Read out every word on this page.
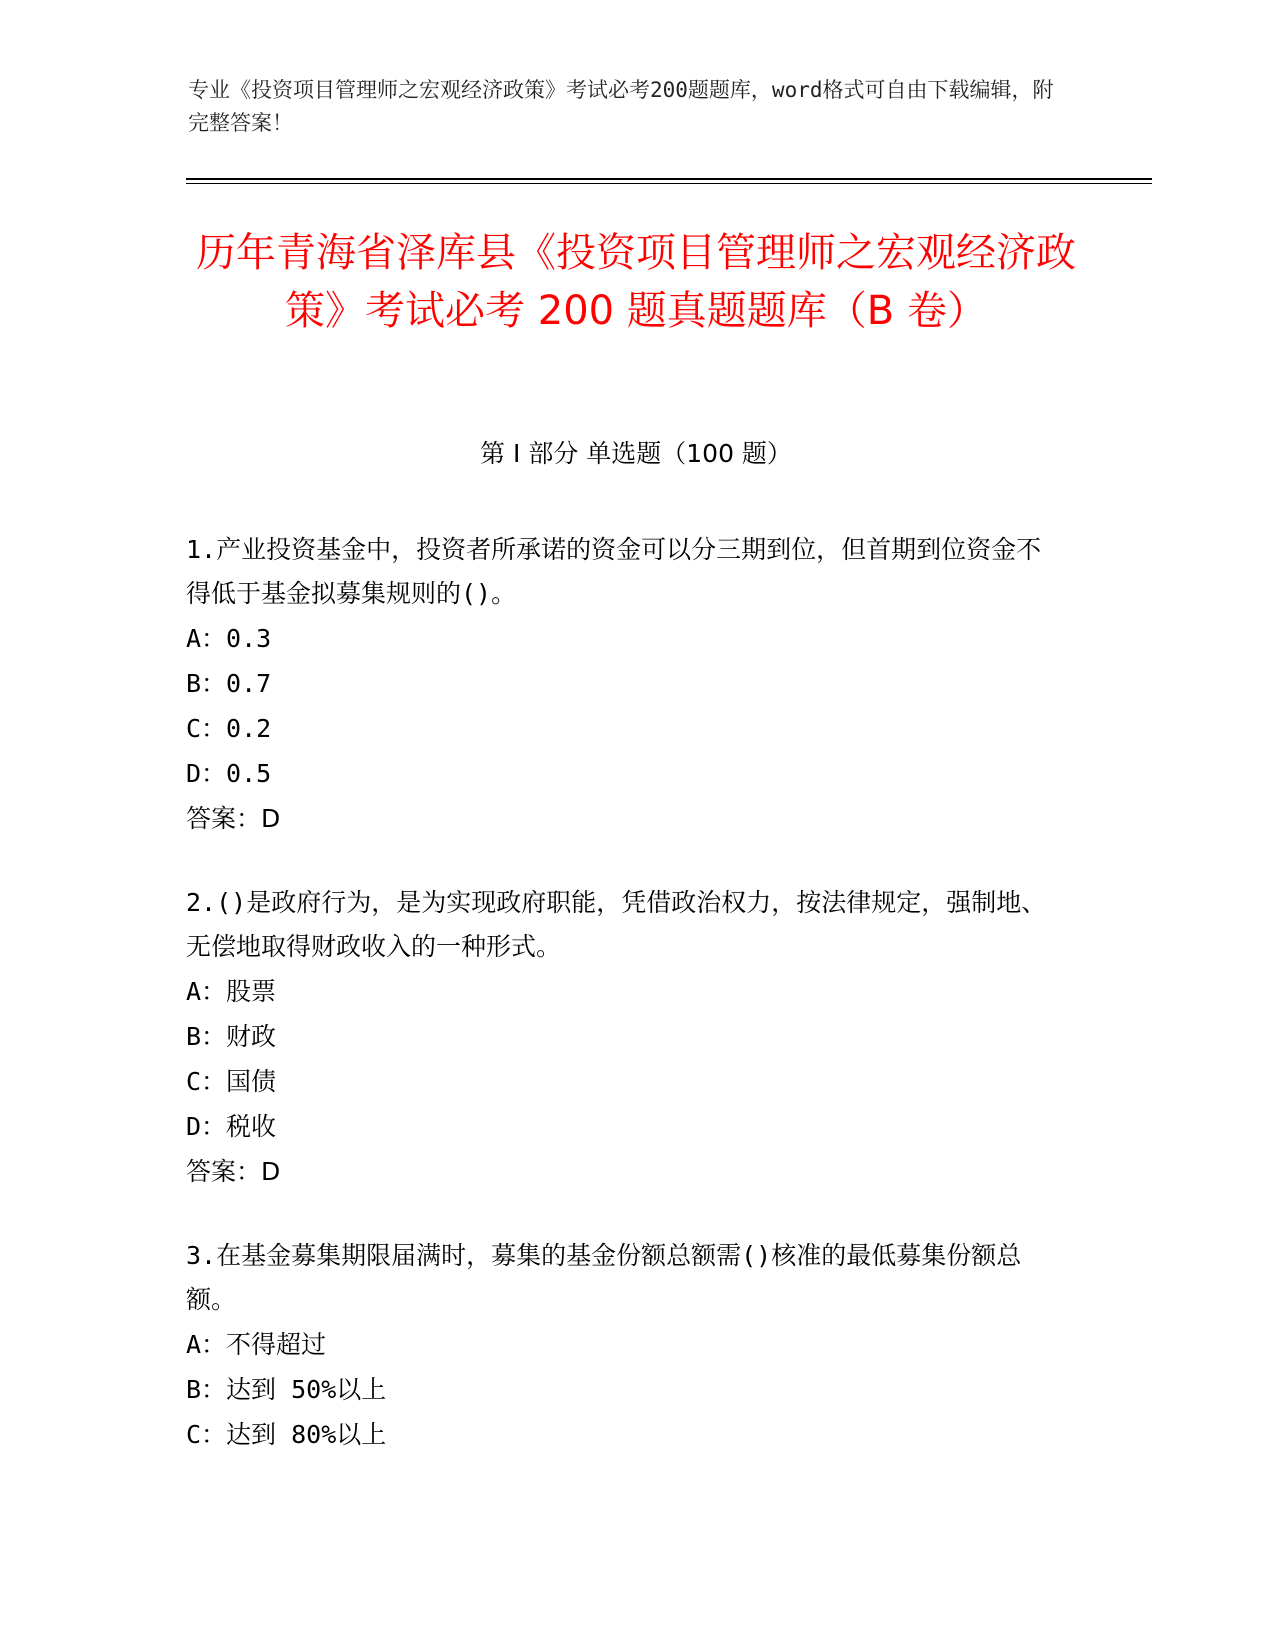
专业《投资项目管理师之宏观经济政策》考试必考200题题库，word格式可自由下载编辑，附完整答案！
历年青海省泽库县《投资项目管理师之宏观经济政策》考试必考 200 题真题题库（B 卷）
第 I 部分 单选题（100 题）

1.产业投资基金中，投资者所承诺的资金可以分三期到位，但首期到位资金不得低于基金拟募集规则的()。

A：0.3

B：0.7

C：0.2

D：0.5

答案：D

2.()是政府行为，是为实现政府职能，凭借政治权力，按法律规定，强制地、无偿地取得财政收入的一种形式。

A：股票

B：财政

C：国债

D：税收

答案：D

3.在基金募集期限届满时，募集的基金份额总额需()核准的最低募集份额总额。

A：不得超过

B：达到 50%以上

C：达到 80%以上
